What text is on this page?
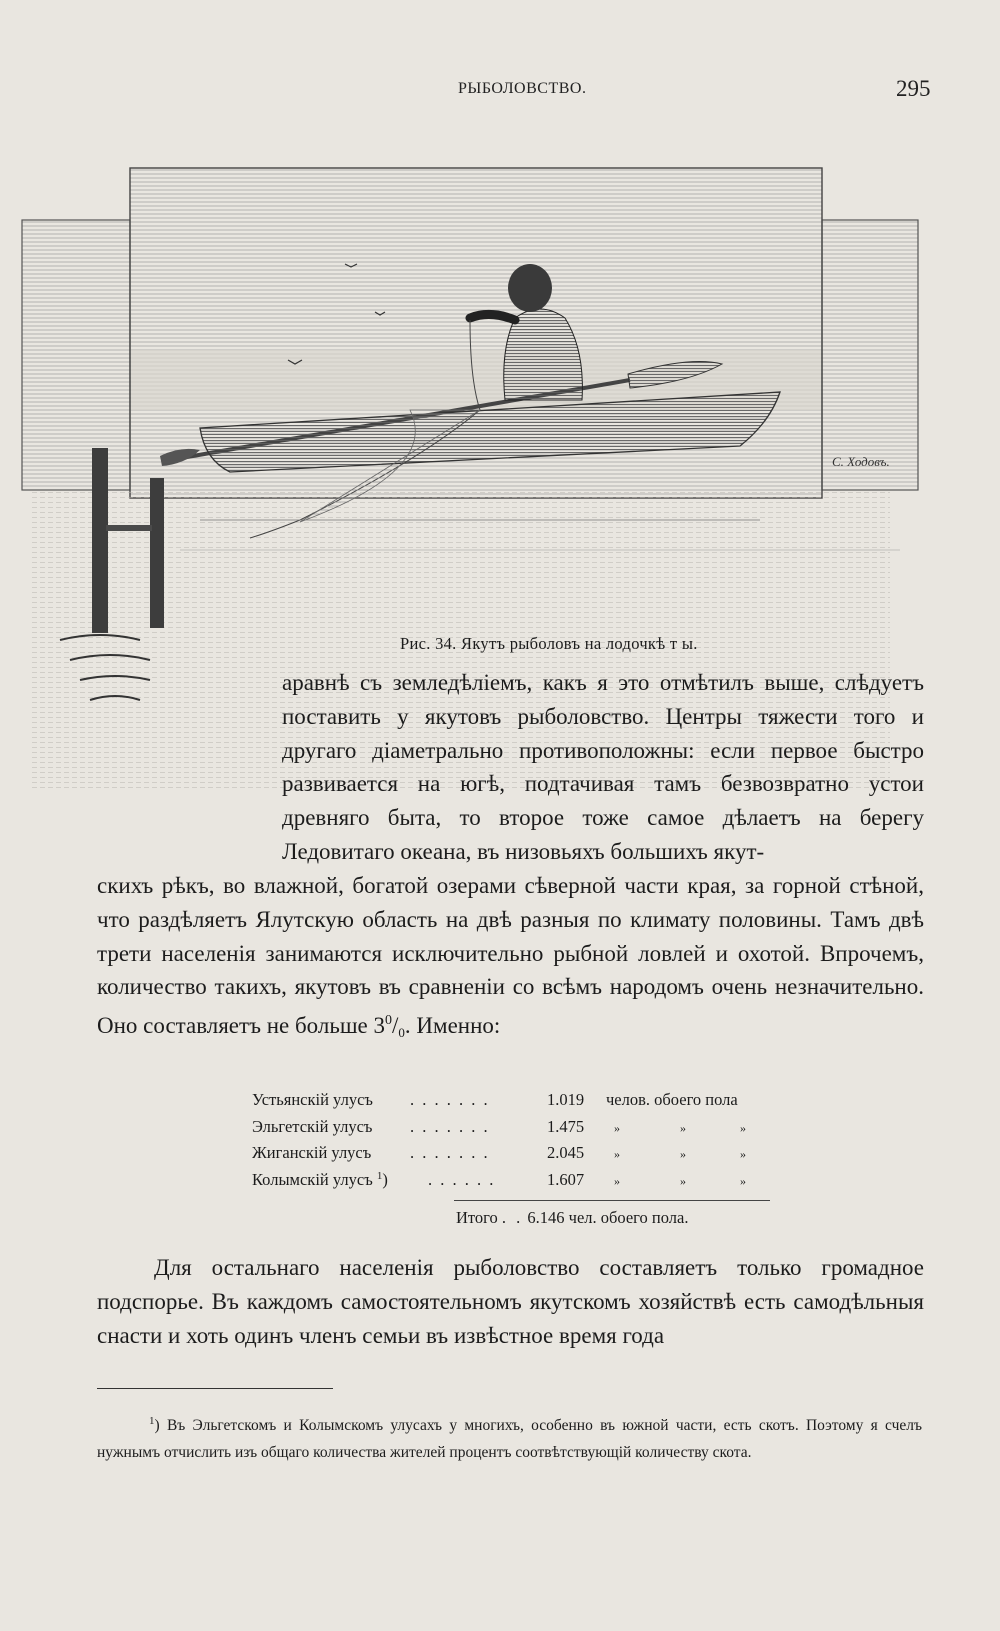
РЫБОЛОВСТВО.	295
С. Ходовъ.
Рис. 34. Якутъ рыболовъ на лодочкѣ т ы.

аравнѣ съ земледѣліемъ, какъ я это отмѣтилъ выше, слѣдуетъ поставить у якутовъ рыболовство. Центры тяжести того и другаго діаметрально противоположны: если первое быстро развивается на югѣ, подтачивая тамъ безвозвратно устои древняго быта, то второе тоже самое дѣлаетъ на берегу Ледовитаго океана, въ низовьяхъ большихъ якут-

скихъ рѣкъ, во влажной, богатой озерами сѣверной части края, за горной стѣной, что раздѣляетъ Ялутскую область на двѣ разныя по климату половины. Тамъ двѣ трети населенія занимаются исключительно рыбной ловлей и охотой. Впрочемъ, количество такихъ, якутовъ въ сравненіи со всѣмъ народомъ очень незначительно. Оно составляетъ не больше $3^0/_0$. Именно:

Устьянскій улусъ . . . . . . .	1.019 челов. обоего пола
Эльгетскій улусъ . . . . . . .	1.475 »	»	»
Жиганскій улусъ . . . . . . .	2.045 »	»	»
Колымскій улусъ $^1$) . . . . . .	1.607 »	»	»
Итого . . 6.146 чел. обоего пола.

Для остальнаго населенія рыболовство составляетъ только громадное подспорье. Въ каждомъ самостоятельномъ якутскомъ хозяйствѣ есть самодѣльныя снасти и хоть одинъ членъ семьи въ извѣстное время года

$^1$) Въ Эльгетскомъ и Колымскомъ улусахъ у многихъ, особенно въ южной части, есть скотъ. Поэтому я счелъ нужнымъ отчислить изъ общаго количества жителей процентъ соотвѣтствующій количеству скота.
